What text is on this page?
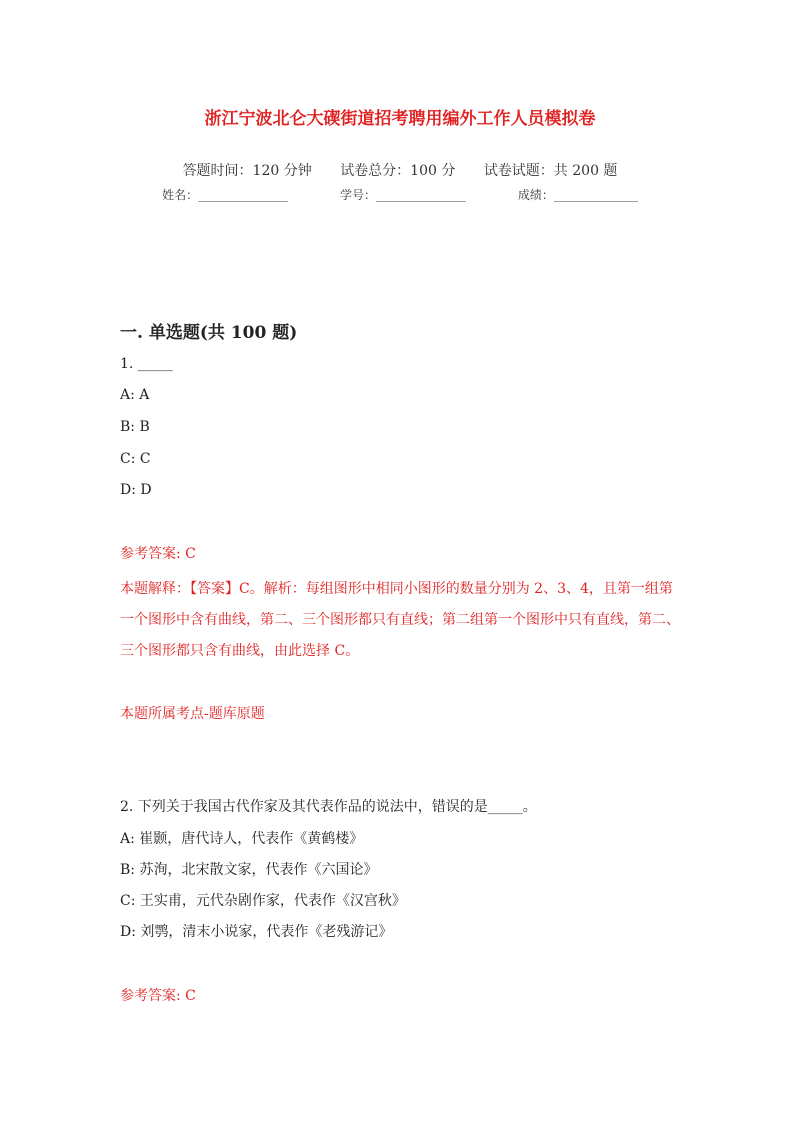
浙江宁波北仑大碶街道招考聘用编外工作人员模拟卷
答题时间：120 分钟 试卷总分：100 分 试卷试题：共 200 题
姓名：_______________	学号：_______________	成绩：______________
一. 单选题(共 100 题)
1. _____
A: A
B: B
C: C
D: D
参考答案: C
本题解释：【答案】C。解析：每组图形中相同小图形的数量分别为 2、3、4，且第一组第一个图形中含有曲线，第二、三个图形都只有直线；第二组第一个图形中只有直线，第二、三个图形都只含有曲线，由此选择 C。
本题所属考点-题库原题
2. 下列关于我国古代作家及其代表作品的说法中，错误的是_____。
A: 崔颢，唐代诗人，代表作《黄鹤楼》
B: 苏洵，北宋散文家，代表作《六国论》
C: 王实甫，元代杂剧作家，代表作《汉宫秋》
D: 刘鹗，清末小说家，代表作《老残游记》
参考答案: C
